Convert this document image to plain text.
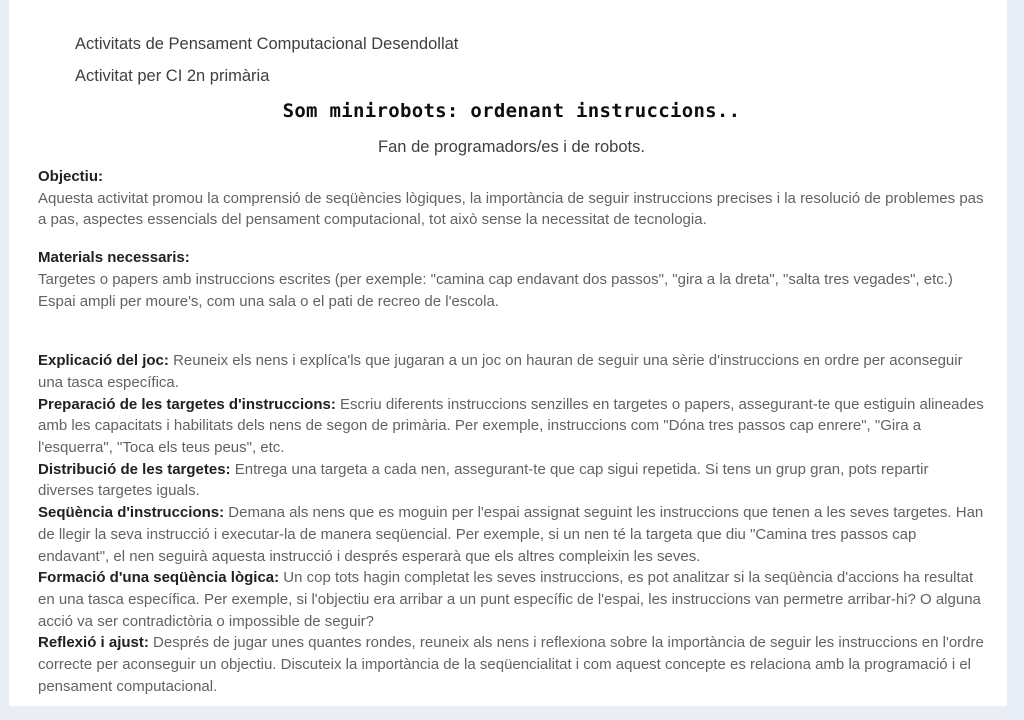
Activitats de Pensament Computacional Desendollat

Activitat per CI 2n primària

Som minirobots: ordenant instruccions..
Fan de programadors/es i de robots.

Objectiu:

Aquesta activitat promou la comprensió de seqüències lògiques, la importància de seguir instruccions precises i la resolució de problemes pas a pas, aspectes essencials del pensament computacional, tot això sense la necessitat de tecnologia.

Materials necessaris:

Targetes o papers amb instruccions escrites (per exemple: "camina cap endavant dos passos", "gira a la dreta", "salta tres vegades", etc.)

Espai ampli per moure's, com una sala o el pati de recreo de l'escola.

Explicació del joc: Reuneix els nens i explíca'ls que jugaran a un joc on hauran de seguir una sèrie d'instruccions en ordre per aconseguir una tasca específica.

Preparació de les targetes d'instruccions: Escriu diferents instruccions senzilles en targetes o papers, assegurant-te que estiguin alineades amb les capacitats i habilitats dels nens de segon de primària. Per exemple, instruccions com "Dóna tres passos cap enrere", "Gira a l'esquerra", "Toca els teus peus", etc.

Distribució de les targetes: Entrega una targeta a cada nen, assegurant-te que cap sigui repetida. Si tens un grup gran, pots repartir diverses targetes iguals.

Seqüència d'instruccions: Demana als nens que es moguin per l'espai assignat seguint les instruccions que tenen a les seves targetes. Han de llegir la seva instrucció i executar-la de manera seqüencial. Per exemple, si un nen té la targeta que diu "Camina tres passos cap endavant", el nen seguirà aquesta instrucció i després esperarà que els altres compleixin les seves.

Formació d'una seqüència lògica: Un cop tots hagin completat les seves instruccions, es pot analitzar si la seqüència d'accions ha resultat en una tasca específica. Per exemple, si l'objectiu era arribar a un punt específic de l'espai, les instruccions van permetre arribar-hi? O alguna acció va ser contradictòria o impossible de seguir?

Reflexió i ajust: Després de jugar unes quantes rondes, reuneix als nens i reflexiona sobre la importància de seguir les instruccions en l'ordre correcte per aconseguir un objectiu. Discuteix la importància de la seqüencialitat i com aquest concepte es relaciona amb la programació i el pensament computacional.
